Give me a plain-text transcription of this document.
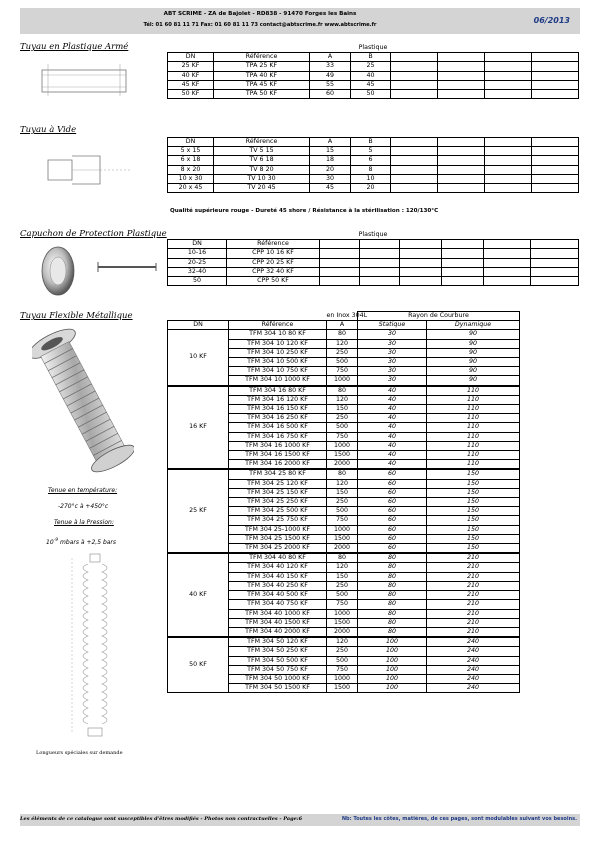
ABT SCRIME - ZA de Bajolet - RD838 - 91470 Forges les Bains
Tél: 01 60 81 11 71 Fax: 01 60 81 11 73 contact@abtscrime.fr www.abtscrime.fr	06/2013
Tuyau en Plastique Armé	Plastique							
DN	Référence	A	B				
25 KF	TPA 25 KF	33	25				
40 KF	TPA 40 KF	49	40				
45 KF	TPA 45 KF	55	45				
50 KF	TPA 50 KF	60	50				
Tuyau à Vide
DN	Référence	A	B				
5 x 15	TV 5 15	15	5				
6 x 18	TV 6 18	18	6				
8 x 20	TV 8 20	20	8				
10 x 30	TV 10 30	30	10				
20 x 45	TV 20 45	45	20				
Qualité supérieure rouge - Dureté 45 shore / Résistance à la stérilisation : 120/130°C
Capuchon de Protection Plastique	Plastique							
DN	Référence						
10-16	CPP 10 16 KF						
20-25	CPP 20 25 KF						
32-40	CPP 32 40 KF						
50	CPP 50 KF						
Tuyau Flexible Métallique
Tenue en température:
-270°c à +450°c
Tenue à la Pression:
$10^{-9}$ mbars à +2,5 bars
Longueurs spéciales sur demande
		en Inox 304L	Rayon de Courbure	
DN	Référence	A	Statique	Dynamique
10 KF	TFM 304 10 80 KF	80	30	90
	TFM 304 10 120 KF	120	30	90
	TFM 304 10 250 KF	250	30	90
	TFM 304 10 500 KF	500	30	90
	TFM 304 10 750 KF	750	30	90
	TFM 304 10 1000 KF	1000	30	90
16 KF	TFM 304 16 80 KF	80	40	110
	TFM 304 16 120 KF	120	40	110
	TFM 304 16 150 KF	150	40	110
	TFM 304 16 250 KF	250	40	110
	TFM 304 16 500 KF	500	40	110
	TFM 304 16 750 KF	750	40	110
	TFM 304 16 1000 KF	1000	40	110
	TFM 304 16 1500 KF	1500	40	110
	TFM 304 16 2000 KF	2000	40	110
25 KF	TFM 304 25 80 KF	80	60	150
	TFM 304 25 120 KF	120	60	150
	TFM 304 25 150 KF	150	60	150
	TFM 304 25 250 KF	250	60	150
	TFM 304 25 500 KF	500	60	150
	TFM 304 25 750 KF	750	60	150
	TFM 304 25-1000 KF	1000	60	150
	TFM 304 25 1500 KF	1500	60	150
	TFM 304 25 2000 KF	2000	60	150
40 KF	TFM 304 40 80 KF	80	80	210
	TFM 304 40 120 KF	120	80	210
	TFM 304 40 150 KF	150	80	210
	TFM 304 40 250 KF	250	80	210
	TFM 304 40 500 KF	500	80	210
	TFM 304 40 750 KF	750	80	210
	TFM 304 40 1000 KF	1000	80	210
	TFM 304 40 1500 KF	1500	80	210
	TFM 304 40 2000 KF	2000	80	210
50 KF	TFM 304 50 120 KF	120	100	240
	TFM 304 50 250 KF	250	100	240
	TFM 304 50 500 KF	500	100	240
	TFM 304 50 750 KF	750	100	240
	TFM 304 50 1000 KF	1000	100	240
	TFM 304 50 1500 KF	1500	100	240
Les éléments de ce catalogue sont susceptibles d'êtres modifiés - Photos non contractuelles - Page:6	Nb: Toutes les côtes, matières, de ces pages, sont modulables suivant vos besoins.
